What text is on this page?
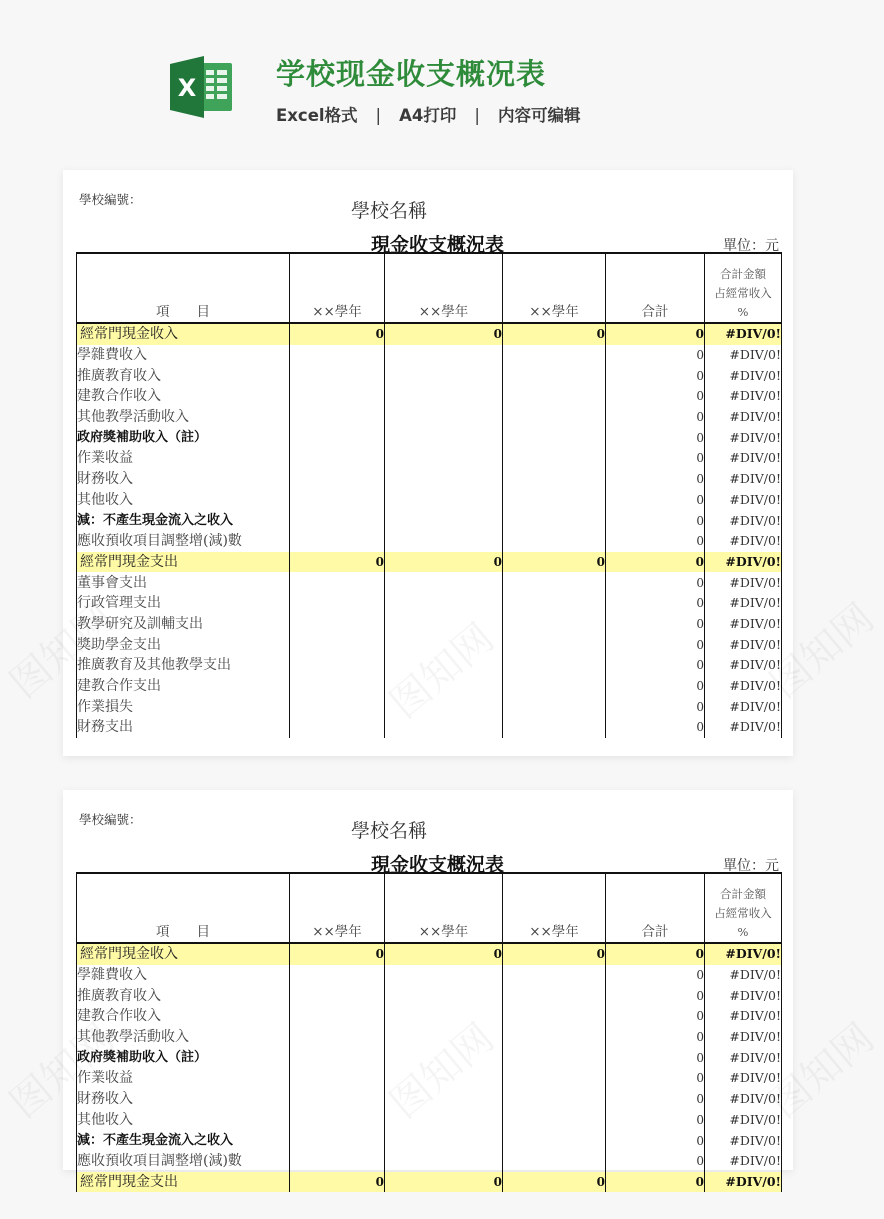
X	学校现金收支概况表
Excel格式 | A4打印 | 内容可编辑
學校編號：
學校名稱
現金收支概況表	單位：元
項　　目	××學年	××學年	××學年	合計	合計金額
占經常收入
%

經常門現金收入	0	0	0	0	#DIV/0!
學雜費收入				0	#DIV/0!
推廣教育收入				0	#DIV/0!
建教合作收入				0	#DIV/0!
其他教學活動收入				0	#DIV/0!
政府獎補助收入（註）				0	#DIV/0!
作業收益				0	#DIV/0!
財務收入				0	#DIV/0!
其他收入				0	#DIV/0!
減：不產生現金流入之收入				0	#DIV/0!
應收預收項目調整增(減)數				0	#DIV/0!
經常門現金支出	0	0	0	0	#DIV/0!
董事會支出				0	#DIV/0!
行政管理支出				0	#DIV/0!
教學研究及訓輔支出				0	#DIV/0!
獎助學金支出				0	#DIV/0!
推廣教育及其他教學支出				0	#DIV/0!
建教合作支出				0	#DIV/0!
作業損失				0	#DIV/0!
財務支出				0	#DIV/0!
學校編號：
學校名稱
現金收支概況表	單位：元
項　　目	××學年	××學年	××學年	合計	合計金額
占經常收入
%

經常門現金收入	0	0	0	0	#DIV/0!
學雜費收入				0	#DIV/0!
推廣教育收入				0	#DIV/0!
建教合作收入				0	#DIV/0!
其他教學活動收入				0	#DIV/0!
政府獎補助收入（註）				0	#DIV/0!
作業收益				0	#DIV/0!
財務收入				0	#DIV/0!
其他收入				0	#DIV/0!
減：不產生現金流入之收入				0	#DIV/0!
應收預收項目調整增(減)數				0	#DIV/0!
經常門現金支出	0	0	0	0	#DIV/0!
